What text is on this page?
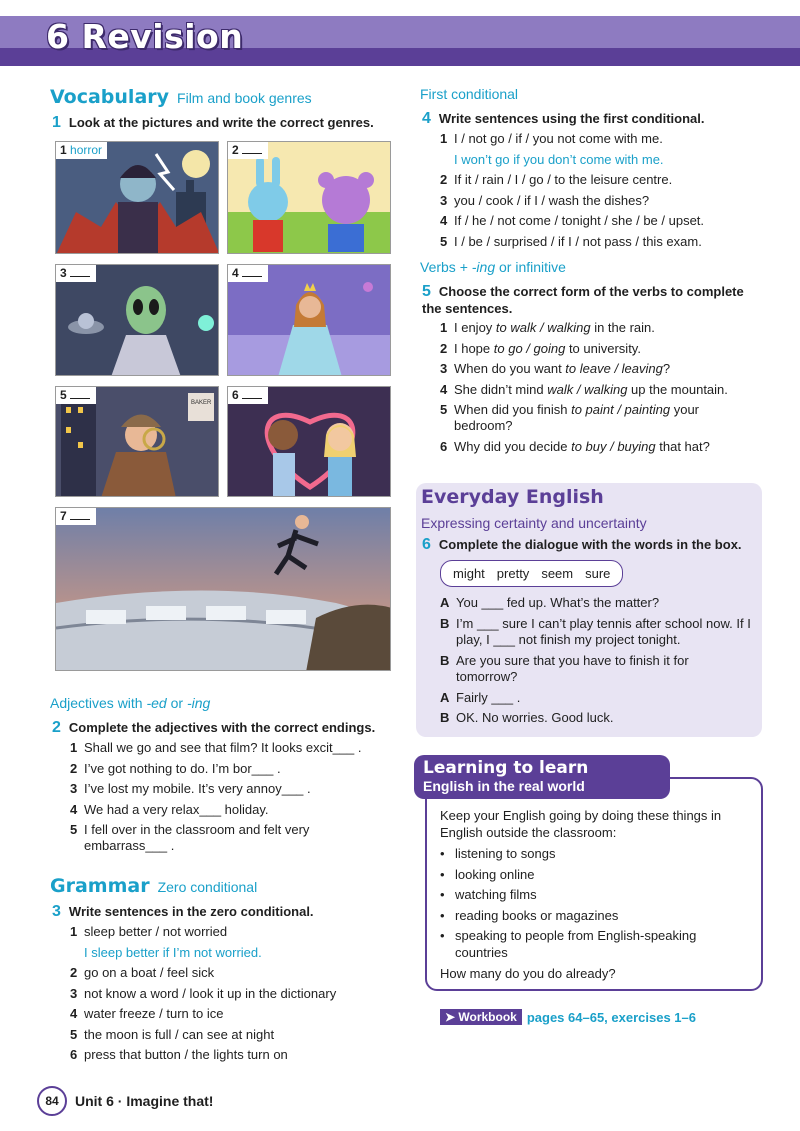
6 Revision
Vocabulary Film and book genres
1 Look at the pictures and write the correct genres.
1 horror	2
3	4
BAKER
5	6
7
Adjectives with -ed or -ing
2 Complete the adjectives with the correct endings.
1 Shall we go and see that film? It looks excit___ .
2 I’ve got nothing to do. I’m bor___ .
3 I’ve lost my mobile. It’s very annoy___ .
4 We had a very relax___ holiday.
5 I fell over in the classroom and felt very embarrass___ .
Grammar Zero conditional
3 Write sentences in the zero conditional.
1 sleep better / not worried
I sleep better if I’m not worried.
2 go on a boat / feel sick
3 not know a word / look it up in the dictionary
4 water freeze / turn to ice
5 the moon is full / can see at night
6 press that button / the lights turn on
First conditional
4 Write sentences using the first conditional.
1 I / not go / if / you not come with me.
I won’t go if you don’t come with me.
2 If it / rain / I / go / to the leisure centre.
3 you / cook / if I / wash the dishes?
4 If / he / not come / tonight / she / be / upset.
5 I / be / surprised / if I / not pass / this exam.
Verbs + -ing or infinitive
5 Choose the correct form of the verbs to complete the sentences.
1 I enjoy to walk / walking in the rain.
2 I hope to go / going to university.
3 When do you want to leave / leaving?
4 She didn’t mind walk / walking up the mountain.
5 When did you finish to paint / painting your bedroom?
6 Why did you decide to buy / buying that hat?
Everyday English
Expressing certainty and uncertainty
6 Complete the dialogue with the words in the box.
might pretty seem sure
A You ___ fed up. What’s the matter?
B I’m ___ sure I can’t play tennis after school now. If I play, I ___ not finish my project tonight.
B Are you sure that you have to finish it for tomorrow?
A Fairly ___ .
B OK. No worries. Good luck.
Learning to learn
English in the real world
Keep your English going by doing these things in English outside the classroom:
• listening to songs
• looking online
• watching films
• reading books or magazines
• speaking to people from English-speaking countries
How many do you do already?
➤ Workbook pages 64–65, exercises 1–6
84	Unit 6 · Imagine that!
